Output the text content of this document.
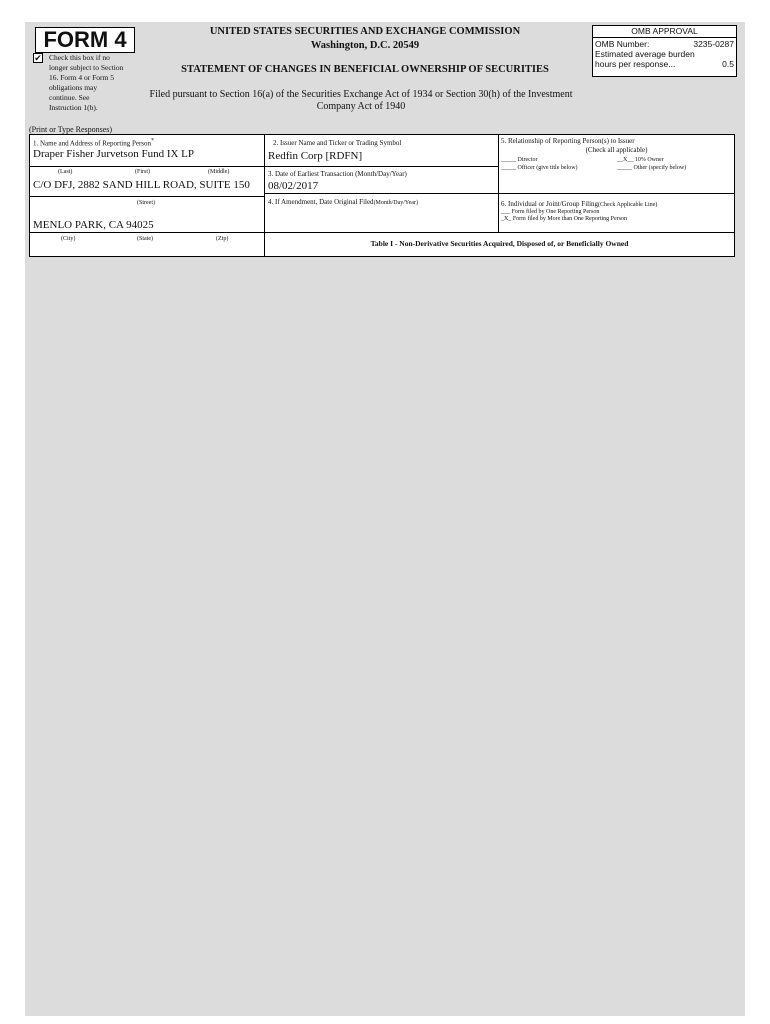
FORM 4
✔ Check this box if no
longer subject to Section
16. Form 4 or Form 5
obligations may
continue. See
Instruction 1(b).
UNITED STATES SECURITIES AND EXCHANGE COMMISSION
Washington, D.C. 20549
STATEMENT OF CHANGES IN BENEFICIAL OWNERSHIP OF SECURITIES
Filed pursuant to Section 16(a) of the Securities Exchange Act of 1934 or Section 30(h) of the Investment
Company Act of 1940
OMB APPROVAL
OMB Number:	3235-0287
Estimated average burden
hours per response...	0.5
(Print or Type Responses)
1. Name and Address of Reporting Person*
Draper Fisher Jurvetson Fund IX LP
(Last)	(First)	(Middle)
C/O DFJ, 2882 SAND HILL ROAD, SUITE 150
(Street)
MENLO PARK, CA 94025
(City)	(State)	(Zip)
2. Issuer Name and Ticker or Trading Symbol
Redfin Corp [RDFN]
3. Date of Earliest Transaction (Month/Day/Year)
08/02/2017
4. If Amendment, Date Original Filed(Month/Day/Year)
5. Relationship of Reporting Person(s) to Issuer
(Check all applicable)
_____ Director	__X__ 10% Owner
_____ Officer (give title below)	_____ Other (specify below)
6. Individual or Joint/Group Filing(Check Applicable Line)
___ Form filed by One Reporting Person
_X_ Form filed by More than One Reporting Person
Table I - Non-Derivative Securities Acquired, Disposed of, or Beneficially Owned
